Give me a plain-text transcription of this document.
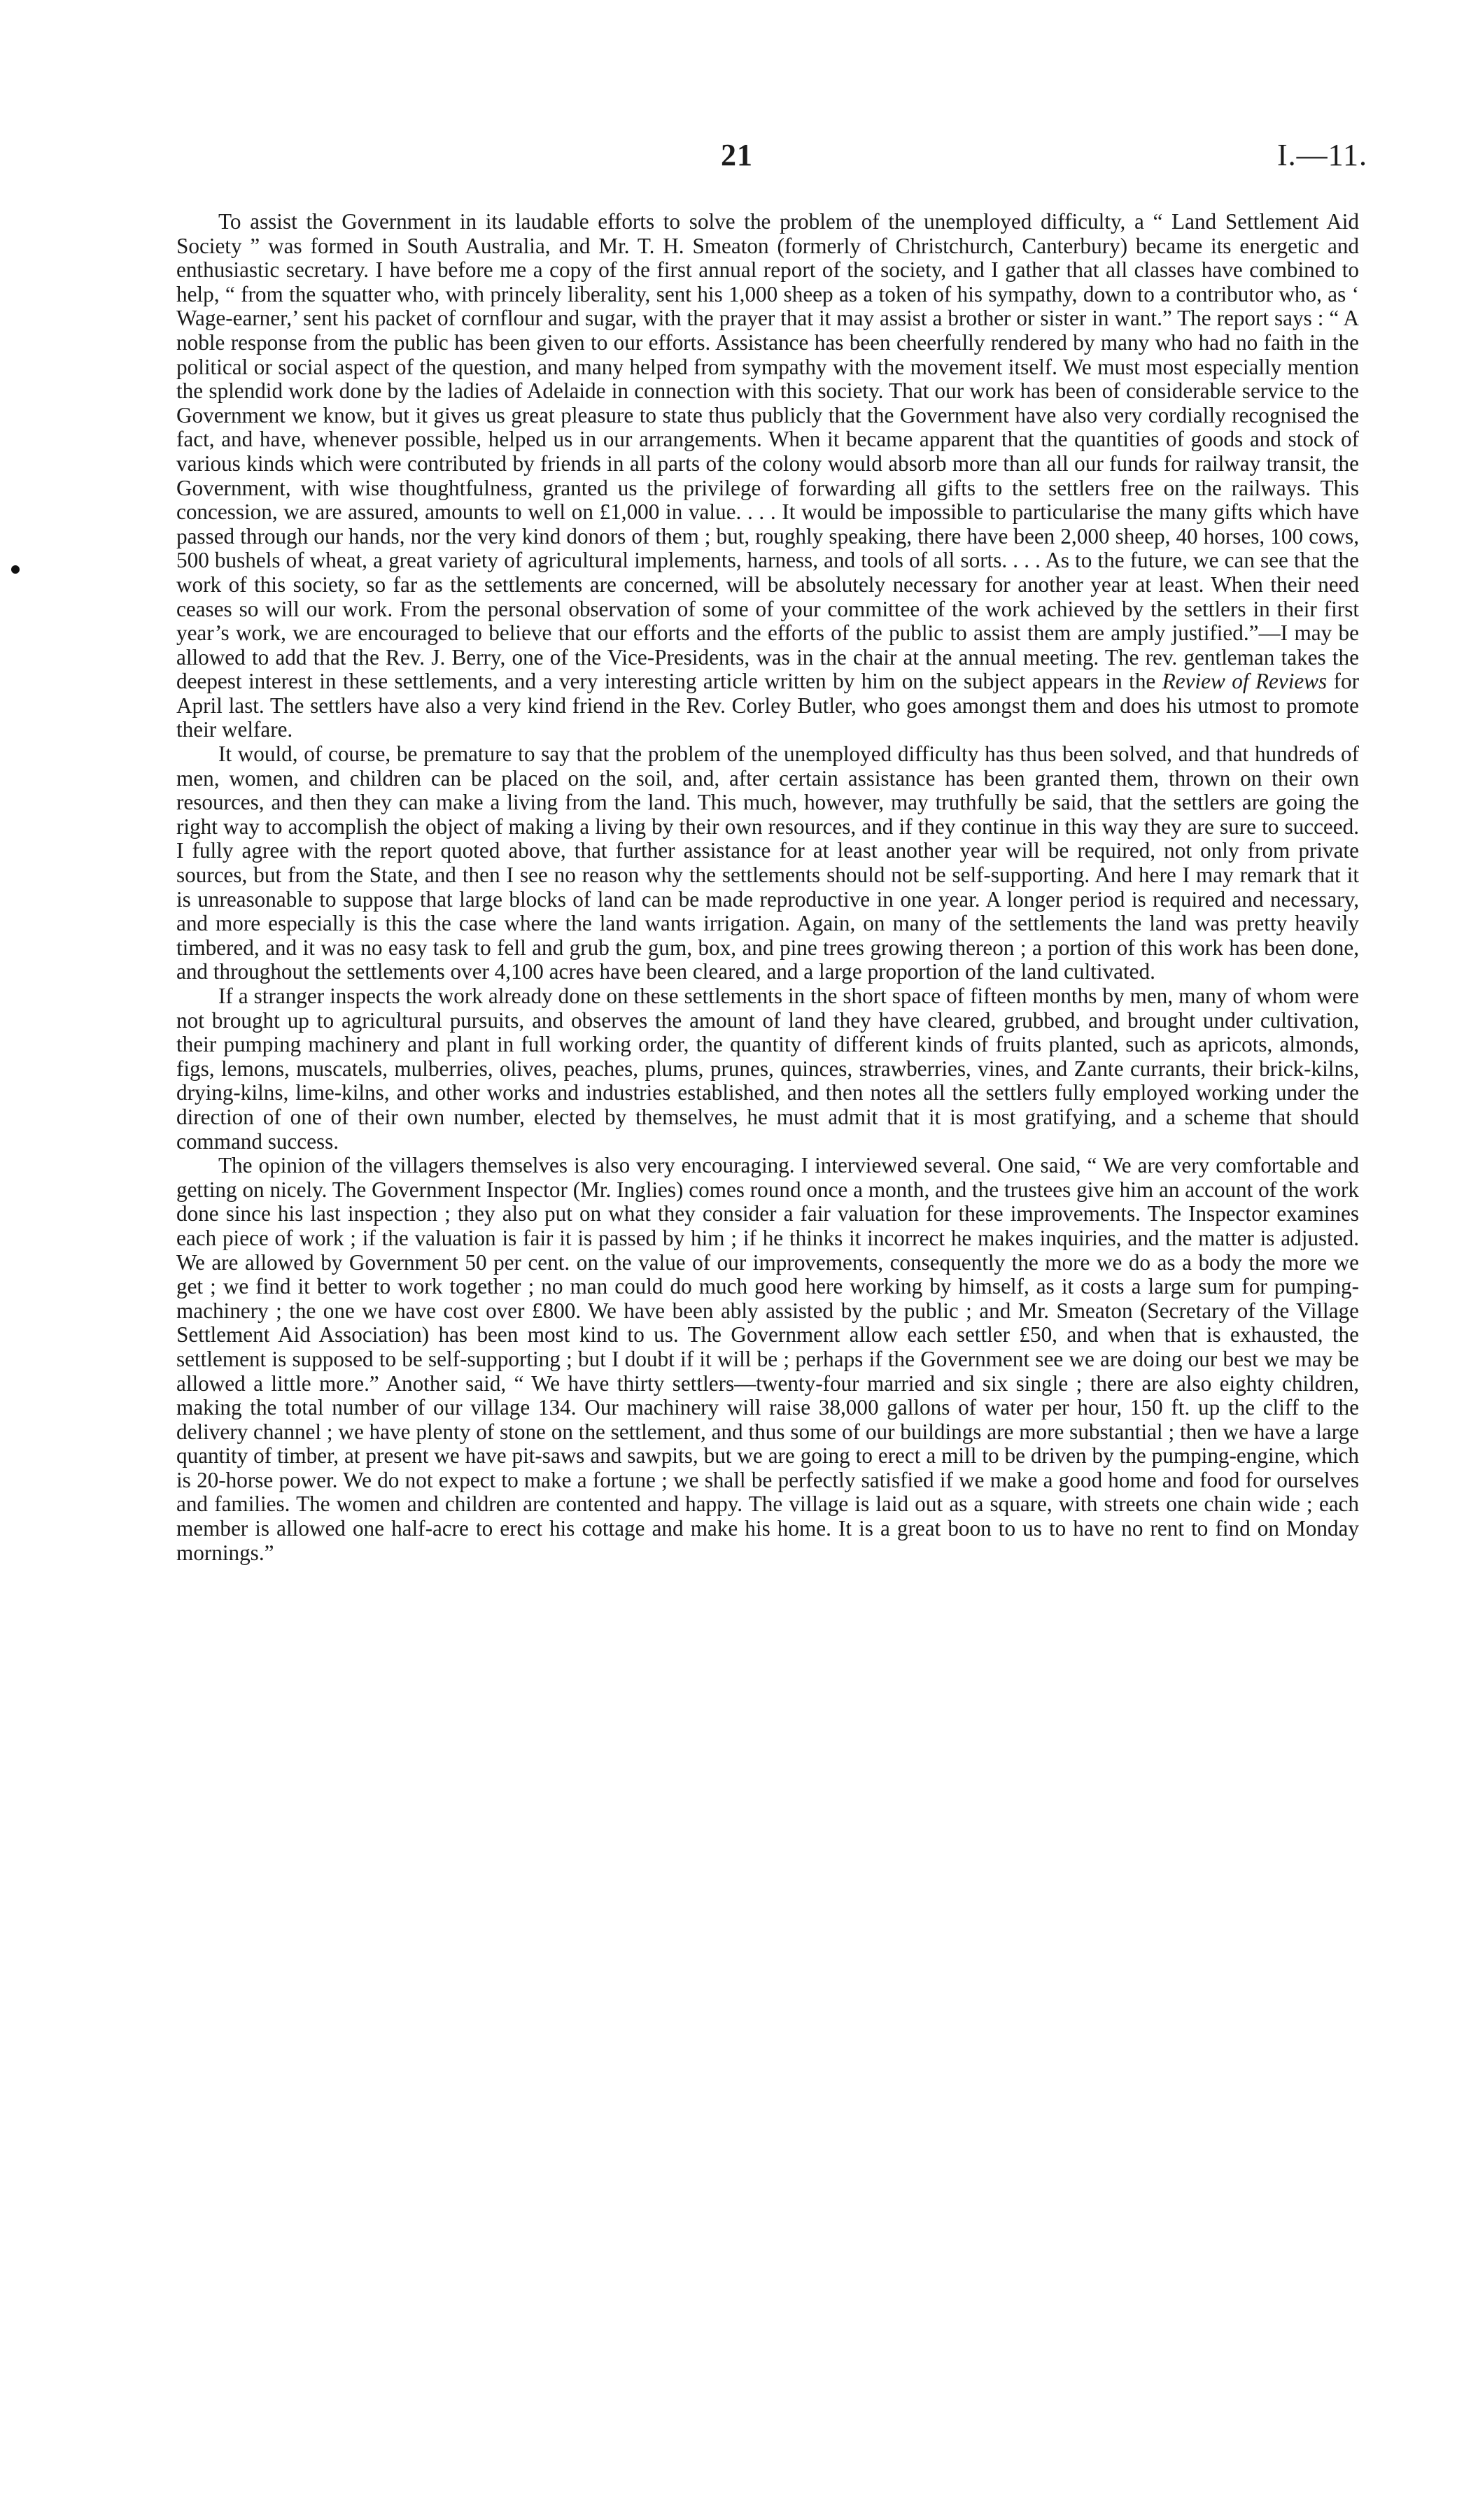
21	I.—11.

To assist the Government in its laudable efforts to solve the problem of the unemployed difficulty, a “ Land Settlement Aid Society ” was formed in South Australia, and Mr. T. H. Smeaton (formerly of Christchurch, Canterbury) became its energetic and enthusiastic secretary. I have before me a copy of the first annual report of the society, and I gather that all classes have combined to help, “ from the squatter who, with princely liberality, sent his 1,000 sheep as a token of his sympathy, down to a contributor who, as ‘ Wage-earner,’ sent his packet of cornflour and sugar, with the prayer that it may assist a brother or sister in want.” The report says : “ A noble response from the public has been given to our efforts. Assistance has been cheerfully rendered by many who had no faith in the political or social aspect of the question, and many helped from sympathy with the movement itself. We must most especially mention the splendid work done by the ladies of Adelaide in connection with this society. That our work has been of considerable service to the Government we know, but it gives us great pleasure to state thus publicly that the Government have also very cordially recognised the fact, and have, whenever possible, helped us in our arrangements. When it became apparent that the quantities of goods and stock of various kinds which were contributed by friends in all parts of the colony would absorb more than all our funds for railway transit, the Government, with wise thoughtfulness, granted us the privilege of forwarding all gifts to the settlers free on the railways. This concession, we are assured, amounts to well on £1,000 in value. . . . It would be impossible to particularise the many gifts which have passed through our hands, nor the very kind donors of them ; but, roughly speaking, there have been 2,000 sheep, 40 horses, 100 cows, 500 bushels of wheat, a great variety of agricultural implements, harness, and tools of all sorts. . . . As to the future, we can see that the work of this society, so far as the settlements are concerned, will be absolutely necessary for another year at least. When their need ceases so will our work. From the personal observation of some of your committee of the work achieved by the settlers in their first year’s work, we are encouraged to believe that our efforts and the efforts of the public to assist them are amply justified.”—I may be allowed to add that the Rev. J. Berry, one of the Vice-Presidents, was in the chair at the annual meeting. The rev. gentleman takes the deepest interest in these settlements, and a very interesting article written by him on the subject appears in the Review of Reviews for April last. The settlers have also a very kind friend in the Rev. Corley Butler, who goes amongst them and does his utmost to promote their welfare.

It would, of course, be premature to say that the problem of the unemployed difficulty has thus been solved, and that hundreds of men, women, and children can be placed on the soil, and, after certain assistance has been granted them, thrown on their own resources, and then they can make a living from the land. This much, however, may truthfully be said, that the settlers are going the right way to accomplish the object of making a living by their own resources, and if they continue in this way they are sure to succeed. I fully agree with the report quoted above, that further assistance for at least another year will be required, not only from private sources, but from the State, and then I see no reason why the settlements should not be self-supporting. And here I may remark that it is unreasonable to suppose that large blocks of land can be made reproductive in one year. A longer period is required and necessary, and more especially is this the case where the land wants irrigation. Again, on many of the settlements the land was pretty heavily timbered, and it was no easy task to fell and grub the gum, box, and pine trees growing thereon ; a portion of this work has been done, and throughout the settlements over 4,100 acres have been cleared, and a large proportion of the land cultivated.

If a stranger inspects the work already done on these settlements in the short space of fifteen months by men, many of whom were not brought up to agricultural pursuits, and observes the amount of land they have cleared, grubbed, and brought under cultivation, their pumping machinery and plant in full working order, the quantity of different kinds of fruits planted, such as apricots, almonds, figs, lemons, muscatels, mulberries, olives, peaches, plums, prunes, quinces, strawberries, vines, and Zante currants, their brick-kilns, drying-kilns, lime-kilns, and other works and industries established, and then notes all the settlers fully employed working under the direction of one of their own number, elected by themselves, he must admit that it is most gratifying, and a scheme that should command success.

The opinion of the villagers themselves is also very encouraging. I interviewed several. One said, “ We are very comfortable and getting on nicely. The Government Inspector (Mr. Inglies) comes round once a month, and the trustees give him an account of the work done since his last inspection ; they also put on what they consider a fair valuation for these improvements. The Inspector examines each piece of work ; if the valuation is fair it is passed by him ; if he thinks it incorrect he makes inquiries, and the matter is adjusted. We are allowed by Government 50 per cent. on the value of our improvements, consequently the more we do as a body the more we get ; we find it better to work together ; no man could do much good here working by himself, as it costs a large sum for pumping-machinery ; the one we have cost over £800. We have been ably assisted by the public ; and Mr. Smeaton (Secretary of the Village Settlement Aid Association) has been most kind to us. The Government allow each settler £50, and when that is exhausted, the settlement is supposed to be self-supporting ; but I doubt if it will be ; perhaps if the Government see we are doing our best we may be allowed a little more.” Another said, “ We have thirty settlers—twenty-four married and six single ; there are also eighty children, making the total number of our village 134. Our machinery will raise 38,000 gallons of water per hour, 150 ft. up the cliff to the delivery channel ; we have plenty of stone on the settlement, and thus some of our buildings are more substantial ; then we have a large quantity of timber, at present we have pit-saws and sawpits, but we are going to erect a mill to be driven by the pumping-engine, which is 20-horse power. We do not expect to make a fortune ; we shall be perfectly satisfied if we make a good home and food for ourselves and families. The women and children are contented and happy. The village is laid out as a square, with streets one chain wide ; each member is allowed one half-acre to erect his cottage and make his home. It is a great boon to us to have no rent to find on Monday mornings.”
